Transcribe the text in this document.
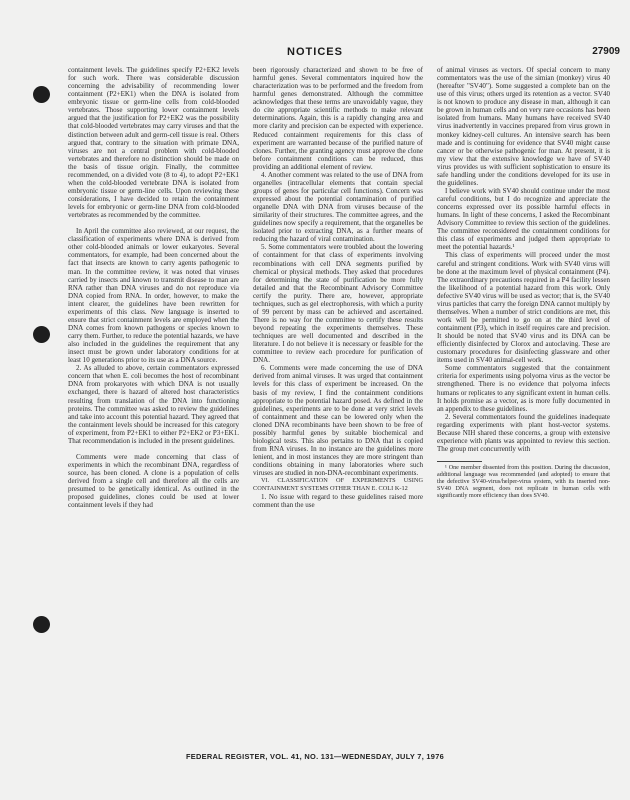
NOTICES	27909

containment levels. The guidelines specify P2+EK2 levels for such work. There was considerable discussion concerning the advisability of recommending lower containment (P2+EK1) when the DNA is isolated from embryonic tissue or germ-line cells from cold-blooded vertebrates. Those supporting lower containment levels argued that the justification for P2+EK2 was the possibility that cold-blooded vertebrates may carry viruses and that the distinction between adult and germ-cell tissue is real. Others argued that, contrary to the situation with primate DNA, viruses are not a central problem with cold-blooded vertebrates and therefore no distinction should be made on the basis of tissue origin. Finally, the committee recommended, on a divided vote (8 to 4), to adopt P2+EK1 when the cold-blooded vertebrate DNA is isolated from embryonic tissue or germ-line cells. Upon reviewing these considerations, I have decided to retain the containment levels for embryonic or germ-line DNA from cold-blooded vertebrates as recommended by the committee.

In April the committee also reviewed, at our request, the classification of experiments where DNA is derived from other cold-blooded animals or lower eukaryotes. Several commentators, for example, had been concerned about the fact that insects are known to carry agents pathogenic to man. In the committee review, it was noted that viruses carried by insects and known to transmit disease to man are RNA rather than DNA viruses and do not reproduce via DNA copied from RNA. In order, however, to make the intent clearer, the guidelines have been rewritten for experiments of this class. New language is inserted to ensure that strict containment levels are employed when the DNA comes from known pathogens or species known to carry them. Further, to reduce the potential hazards, we have also included in the guidelines the requirement that any insect must be grown under laboratory conditions for at least 10 generations prior to its use as a DNA source.

2. As alluded to above, certain commentators expressed concern that when E. coli becomes the host of recombinant DNA from prokaryotes with which DNA is not usually exchanged, there is hazard of altered host characteristics resulting from translation of the DNA into functioning proteins. The committee was asked to review the guidelines and take into account this potential hazard. They agreed that the containment levels should be increased for this category of experiment, from P2+EK1 to either P2+EK2 or P3+EK1. That recommendation is included in the present guidelines.

Comments were made concerning that class of experiments in which the recombinant DNA, regardless of source, has been cloned. A clone is a population of cells derived from a single cell and therefore all the cells are presumed to be genetically identical. As outlined in the proposed guidelines, clones could be used at lower containment levels if they had

been rigorously characterized and shown to be free of harmful genes. Several commentators inquired how the characterization was to be performed and the freedom from harmful genes demonstrated. Although the committee acknowledges that these terms are unavoidably vague, they do cite appropriate scientific methods to make relevant determinations. Again, this is a rapidly changing area and more clarity and precision can be expected with experience. Reduced containment requirements for this class of experiment are warranted because of the purified nature of clones. Further, the granting agency must approve the clone before containment conditions can be reduced, thus providing an additional element of review.

4. Another comment was related to the use of DNA from organelles (intracellular elements that contain special groups of genes for particular cell functions). Concern was expressed about the potential contamination of purified organelle DNA with DNA from viruses because of the similarity of their structures. The committee agrees, and the guidelines now specify a requirement, that the organelles be isolated prior to extracting DNA, as a further means of reducing the hazard of viral contamination.

5. Some commentators were troubled about the lowering of containment for that class of experiments involving recombinations with cell DNA segments purified by chemical or physical methods. They asked that procedures for determining the state of purification be more fully detailed and that the Recombinant Advisory Committee certify the purity. There are, however, appropriate techniques, such as gel electrophoresis, with which a purity of 99 percent by mass can be achieved and ascertained. There is no way for the committee to certify these results beyond repeating the experiments themselves. These techniques are well documented and described in the literature. I do not believe it is necessary or feasible for the committee to review each procedure for purification of DNA.

6. Comments were made concerning the use of DNA derived from animal viruses. It was urged that containment levels for this class of experiment be increased. On the basis of my review, I find the containment conditions appropriate to the potential hazard posed. As defined in the guidelines, experiments are to be done at very strict levels of containment and these can be lowered only when the cloned DNA recombinants have been shown to be free of possibly harmful genes by suitable biochemical and biological tests. This also pertains to DNA that is copied from RNA viruses. In no instance are the guidelines more lenient, and in most instances they are more stringent than conditions obtaining in many laboratories where such viruses are studied in non-DNA-recombinant experiments.

VI. CLASSIFICATION OF EXPERIMENTS USING CONTAINMENT SYSTEMS OTHER THAN E. COLI K-12

1. No issue with regard to these guidelines raised more comment than the use

of animal viruses as vectors. Of special concern to many commentators was the use of the simian (monkey) virus 40 (hereafter "SV40"). Some suggested a complete ban on the use of this virus; others urged its retention as a vector. SV40 is not known to produce any disease in man, although it can be grown in human cells and on very rare occasions has been isolated from humans. Many humans have received SV40 virus inadvertently in vaccines prepared from virus grown in monkey kidney-cell cultures. An intensive search has been made and is continuing for evidence that SV40 might cause cancer or be otherwise pathogenic for man. At present, it is my view that the extensive knowledge we have of SV40 virus provides us with sufficient sophistication to ensure its safe handling under the conditions developed for its use in the guidelines.

I believe work with SV40 should continue under the most careful conditions, but I do recognize and appreciate the concerns expressed over its possible harmful effects in humans. In light of these concerns, I asked the Recombinant Advisory Committee to review this section of the guidelines. The committee reconsidered the containment conditions for this class of experiments and judged them appropriate to meet the potential hazards.¹

This class of experiments will proceed under the most careful and stringent conditions. Work with SV40 virus will be done at the maximum level of physical containment (P4). The extraordinary precautions required in a P4 facility lessen the likelihood of a potential hazard from this work. Only defective SV40 virus will be used as vector; that is, the SV40 virus particles that carry the foreign DNA cannot multiply by themselves. When a number of strict conditions are met, this work will be permitted to go on at the third level of containment (P3), which in itself requires care and precision. It should be noted that SV40 virus and its DNA can be efficiently disinfected by Clorox and autoclaving. These are customary procedures for disinfecting glassware and other items used in SV40 animal-cell work.

Some commentators suggested that the containment criteria for experiments using polyoma virus as the vector be strengthened. There is no evidence that polyoma infects humans or replicates to any significant extent in human cells. It holds promise as a vector, as is more fully documented in an appendix to these guidelines.

2. Several commentators found the guidelines inadequate regarding experiments with plant host-vector systems. Because NIH shared these concerns, a group with extensive experience with plants was appointed to review this section. The group met concurrently with

¹ One member dissented from this position. During the discussion, additional language was recommended (and adopted) to ensure that the defective SV40-virus/helper-virus system, with its inserted non-SV40 DNA segment, does not replicate in human cells with significantly more efficiency than does SV40.

FEDERAL REGISTER, VOL. 41, NO. 131—WEDNESDAY, JULY 7, 1976
